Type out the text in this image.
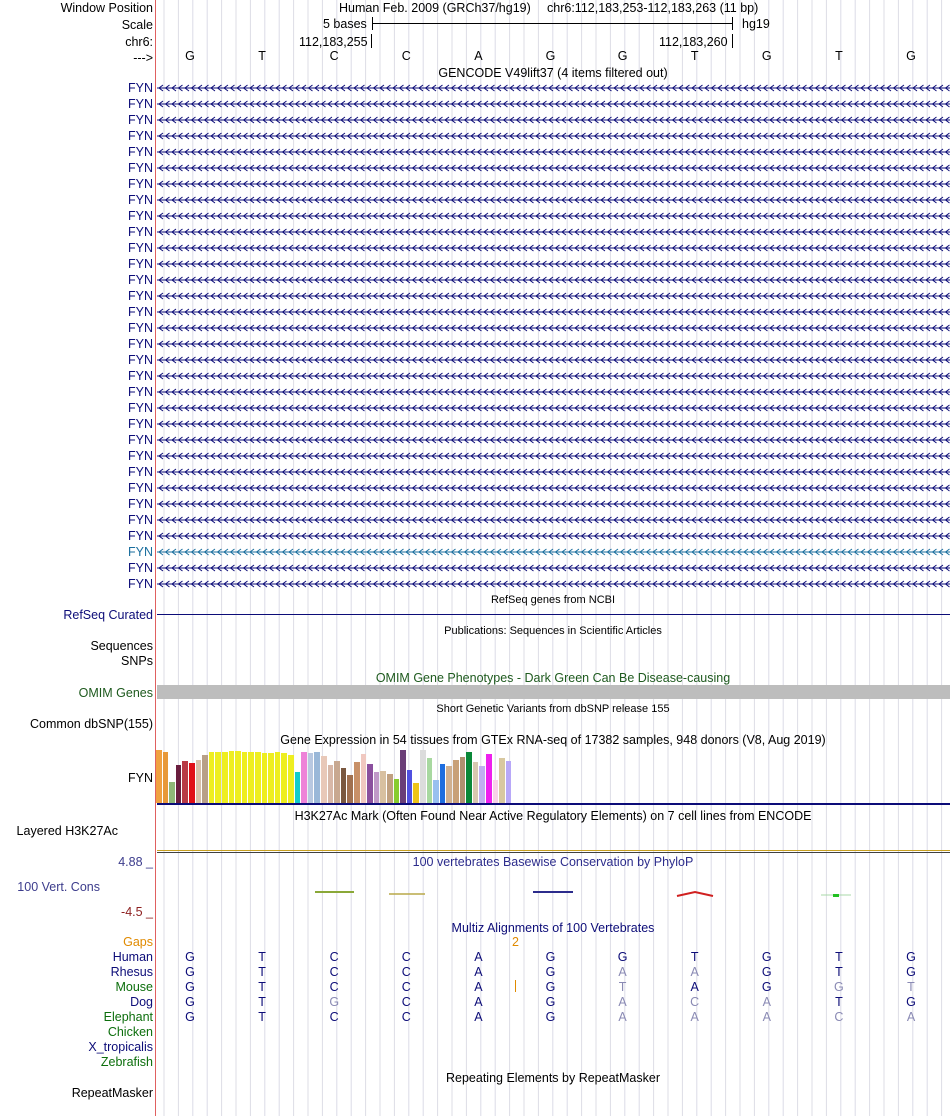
Window Position	Human Feb. 2009 (GRCh37/hg19) chr6:112,183,253-112,183,263 (11 bp)
Scale	5 bases	hg19
chr6:	112,183,255	112,183,260
--->
GENCODE V49lift37 (4 items filtered out)
RefSeq genes from NCBI
RefSeq Curated
Publications: Sequences in Scientific Articles
Sequences
SNPs
OMIM Gene Phenotypes - Dark Green Can Be Disease-causing
OMIM Genes
Short Genetic Variants from dbSNP release 155
Common dbSNP(155)
Gene Expression in 54 tissues from GTEx RNA-seq of 17382 samples, 948 donors (V8, Aug 2019)
FYN
H3K27Ac Mark (Often Found Near Active Regulatory Elements) on 7 cell lines from ENCODE
Layered H3K27Ac
100 vertebrates Basewise Conservation by PhyloP
4.88 _
100 Vert. Cons
-4.5 _
Multiz Alignments of 100 Vertebrates
Gaps	2
Repeating Elements by RepeatMasker
RepeatMasker
G	T	C	C	A	G	G	T	G	T	G
FYN
FYN
FYN
FYN
FYN
FYN
FYN
FYN
FYN
FYN
FYN
FYN
FYN
FYN
FYN
FYN
FYN
FYN
FYN
FYN
FYN
FYN
FYN
FYN
FYN
FYN
FYN
FYN
FYN
FYN
FYN
FYN
Human	G	T	C	C	A	G	G	T	G	T	G
Rhesus	G	T	C	C	A	G	A	A	G	T	G
Mouse	G	T	C	C	A	G	T	A	G	G	T
Dog	G	T	G	C	A	G	A	C	A	T	G
Elephant	G	T	C	C	A	G	A	A	A	C	A
Chicken
X_tropicalis
Zebrafish
